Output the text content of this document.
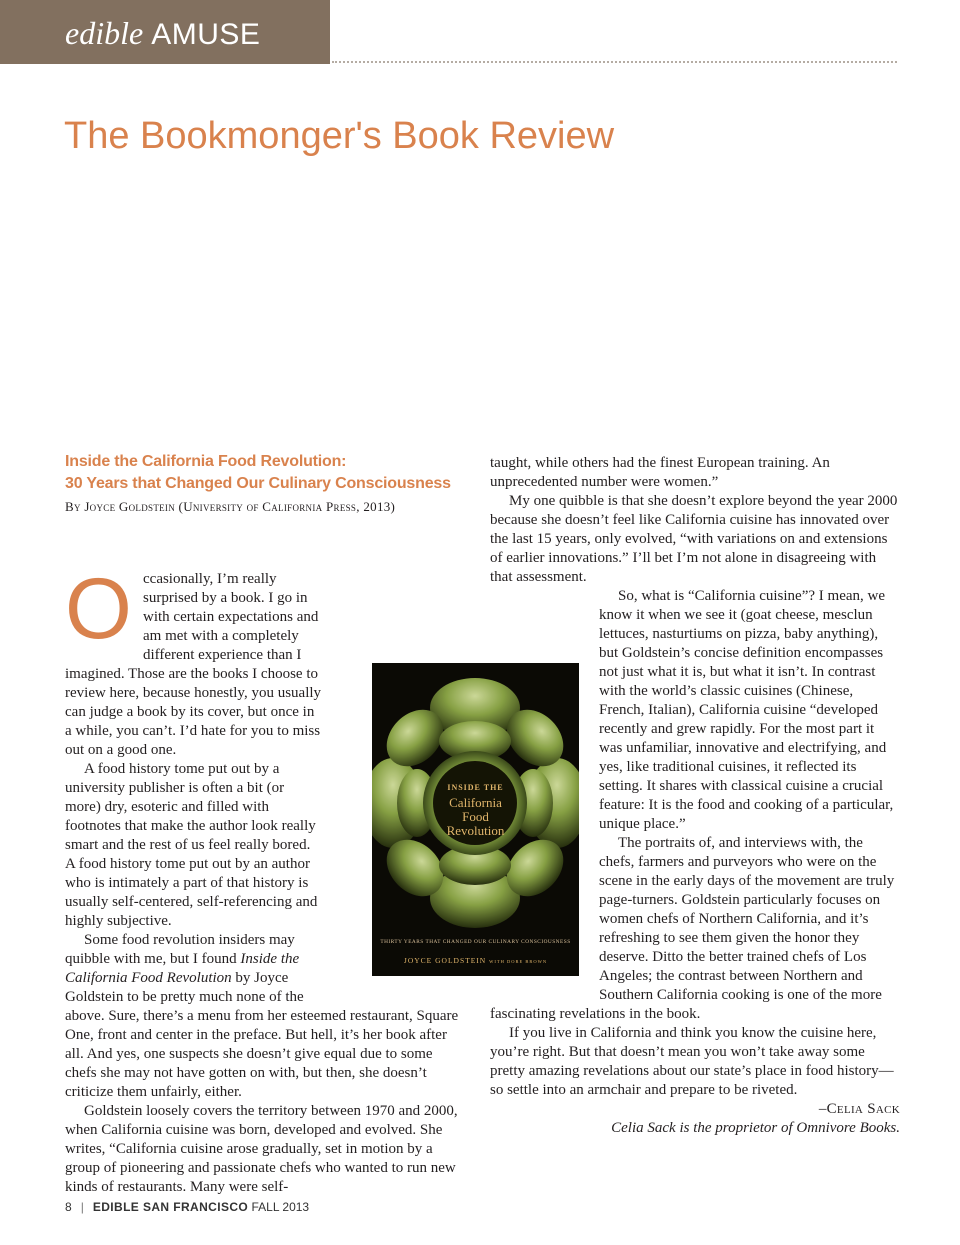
edible AMUSE
The Bookmonger's Book Review
Inside the California Food Revolution:
30 Years that Changed Our Culinary Consciousness
By Joyce Goldstein (University of California Press, 2013)
O ccasionally, I’m really surprised by a book. I go in with certain expectations and am met with a completely different experience than I imagined. Those are the books I choose to review here, because honestly, you usually can judge a book by its cover, but once in a while, you can’t. I’d hate for you to miss out on a good one.

A food history tome put out by a university publisher is often a bit (or more) dry, esoteric and filled with footnotes that make the author look really smart and the rest of us feel really bored. A food history tome put out by an author who is intimately a part of that history is usually self-centered, self-referencing and highly subjective.

Some food revolution insiders may quibble with me, but I found Inside the California Food Revolution by Joyce Goldstein to be pretty much none of the above. Sure, there’s a menu from her esteemed restaurant, Square One, front and center in the preface. But hell, it’s her book after all. And yes, one suspects she doesn’t give equal due to some chefs she may not have gotten on with, but then, she doesn’t criticize them unfairly, either.

Goldstein loosely covers the territory between 1970 and 2000, when California cuisine was born, developed and evolved. She writes, “California cuisine arose gradually, set in motion by a group of pioneering and passionate chefs who wanted to run new kinds of restaurants. Many were self-

taught, while others had the finest European training. An unprecedented number were women.”

My one quibble is that she doesn’t explore beyond the year 2000 because she doesn’t feel like California cuisine has innovated over the last 15 years, only evolved, “with variations on and extensions of earlier innovations.” I’ll bet I’m not alone in disagreeing with that assessment.

So, what is “California cuisine”? I mean, we know it when we see it (goat cheese, mesclun lettuces, nasturtiums on pizza, baby anything), but Goldstein’s concise definition encompasses not just what it is, but what it isn’t. In contrast with the world’s classic cuisines (Chinese, French, Italian), California cuisine “developed recently and grew rapidly. For the most part it was unfamiliar, innovative and electrifying, and yes, like traditional cuisines, it reflected its setting. It shares with classical cuisine a crucial feature: It is the food and cooking of a particular, unique place.”

The portraits of, and interviews with, the chefs, farmers and purveyors who were on the scene in the early days of the movement are truly page-turners. Goldstein particularly focuses on women chefs of Northern California, and it’s refreshing to see them given the honor they deserve. Ditto the better trained chefs of Los Angeles; the contrast between Northern and Southern California cooking is one of the more fascinating revelations in the book.

If you live in California and think you know the cuisine here, you’re right. But that doesn’t mean you won’t take away some pretty amazing revelations about our state’s place in food history—so settle into an armchair and prepare to be riveted.

–Celia Sack

Celia Sack is the proprietor of Omnivore Books.

INSIDE THE
California
Food
Revolution
THIRTY YEARS THAT CHANGED OUR CULINARY CONSCIOUSNESS
JOYCE GOLDSTEIN WITH DORE BROWN
8 | EDIBLE SAN FRANCISCO FALL 2013
